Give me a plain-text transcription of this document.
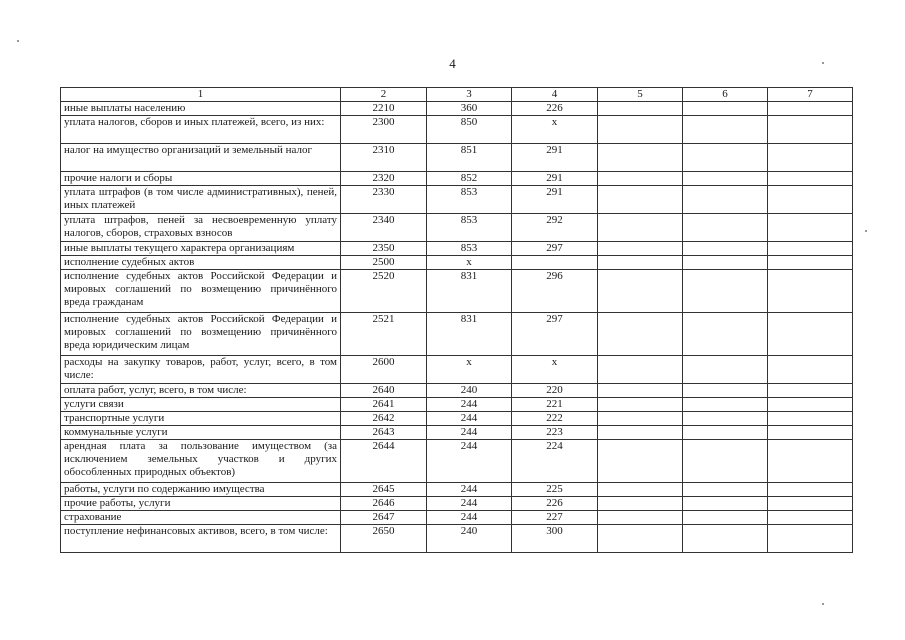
4
1	2	3	4	5	6	7
иные выплаты населению	2210	360	226			
уплата налогов, сборов и иных платежей, всего, из них:	2300	850	x			
налог на имущество организаций и земельный налог	2310	851	291			
прочие налоги и сборы	2320	852	291			
уплата штрафов (в том числе административных), пеней, иных платежей	2330	853	291			
уплата штрафов, пеней за несвоевременную уплату налогов, сборов, страховых взносов	2340	853	292			
иные выплаты текущего характера организациям	2350	853	297			
исполнение судебных актов	2500	x				
исполнение судебных актов Российской Федерации и мировых соглашений по возмещению причинённого вреда гражданам	2520	831	296			
исполнение судебных актов Российской Федерации и мировых соглашений по возмещению причинённого вреда юридическим лицам	2521	831	297			
расходы на закупку товаров, работ, услуг, всего, в том числе:	2600	x	x			
оплата работ, услуг, всего, в том числе:	2640	240	220			
услуги связи	2641	244	221			
транспортные услуги	2642	244	222			
коммунальные услуги	2643	244	223			
арендная плата за пользование имуществом (за исключением земельных участков и других обособленных природных объектов)	2644	244	224			
работы, услуги по содержанию имущества	2645	244	225			
прочие работы, услуги	2646	244	226			
страхование	2647	244	227			
поступление нефинансовых активов, всего, в том числе:	2650	240	300			
